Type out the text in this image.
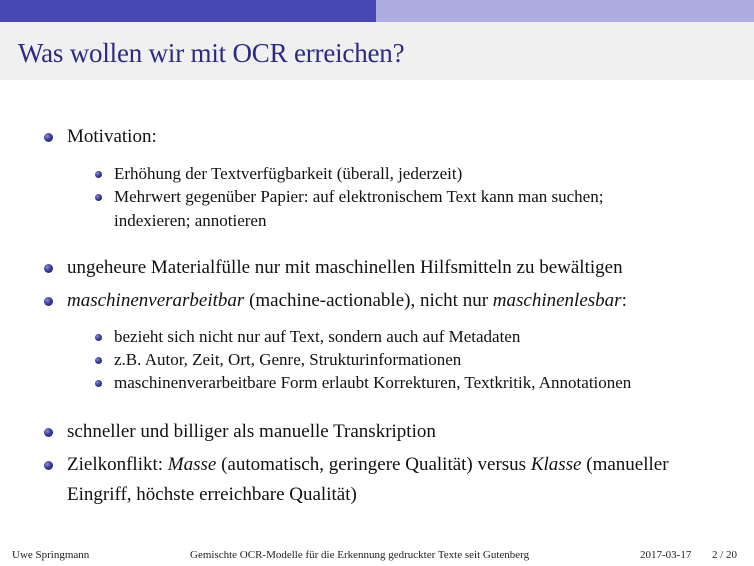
Was wollen wir mit OCR erreichen?
Motivation:
Erhöhung der Textverfügbarkeit (überall, jederzeit)
Mehrwert gegenüber Papier: auf elektronischem Text kann man suchen;
indexieren; annotieren
ungeheure Materialfülle nur mit maschinellen Hilfsmitteln zu bewältigen
maschinenverarbeitbar (machine-actionable), nicht nur maschinenlesbar:
bezieht sich nicht nur auf Text, sondern auch auf Metadaten
z.B. Autor, Zeit, Ort, Genre, Strukturinformationen
maschinenverarbeitbare Form erlaubt Korrekturen, Textkritik, Annotationen
schneller und billiger als manuelle Transkription
Zielkonflikt: Masse (automatisch, geringere Qualität) versus Klasse (manueller
Eingriff, höchste erreichbare Qualität)
Uwe Springmann	Gemischte OCR-Modelle für die Erkennung gedruckter Texte seit Gutenberg	2017-03-17 2 / 20
